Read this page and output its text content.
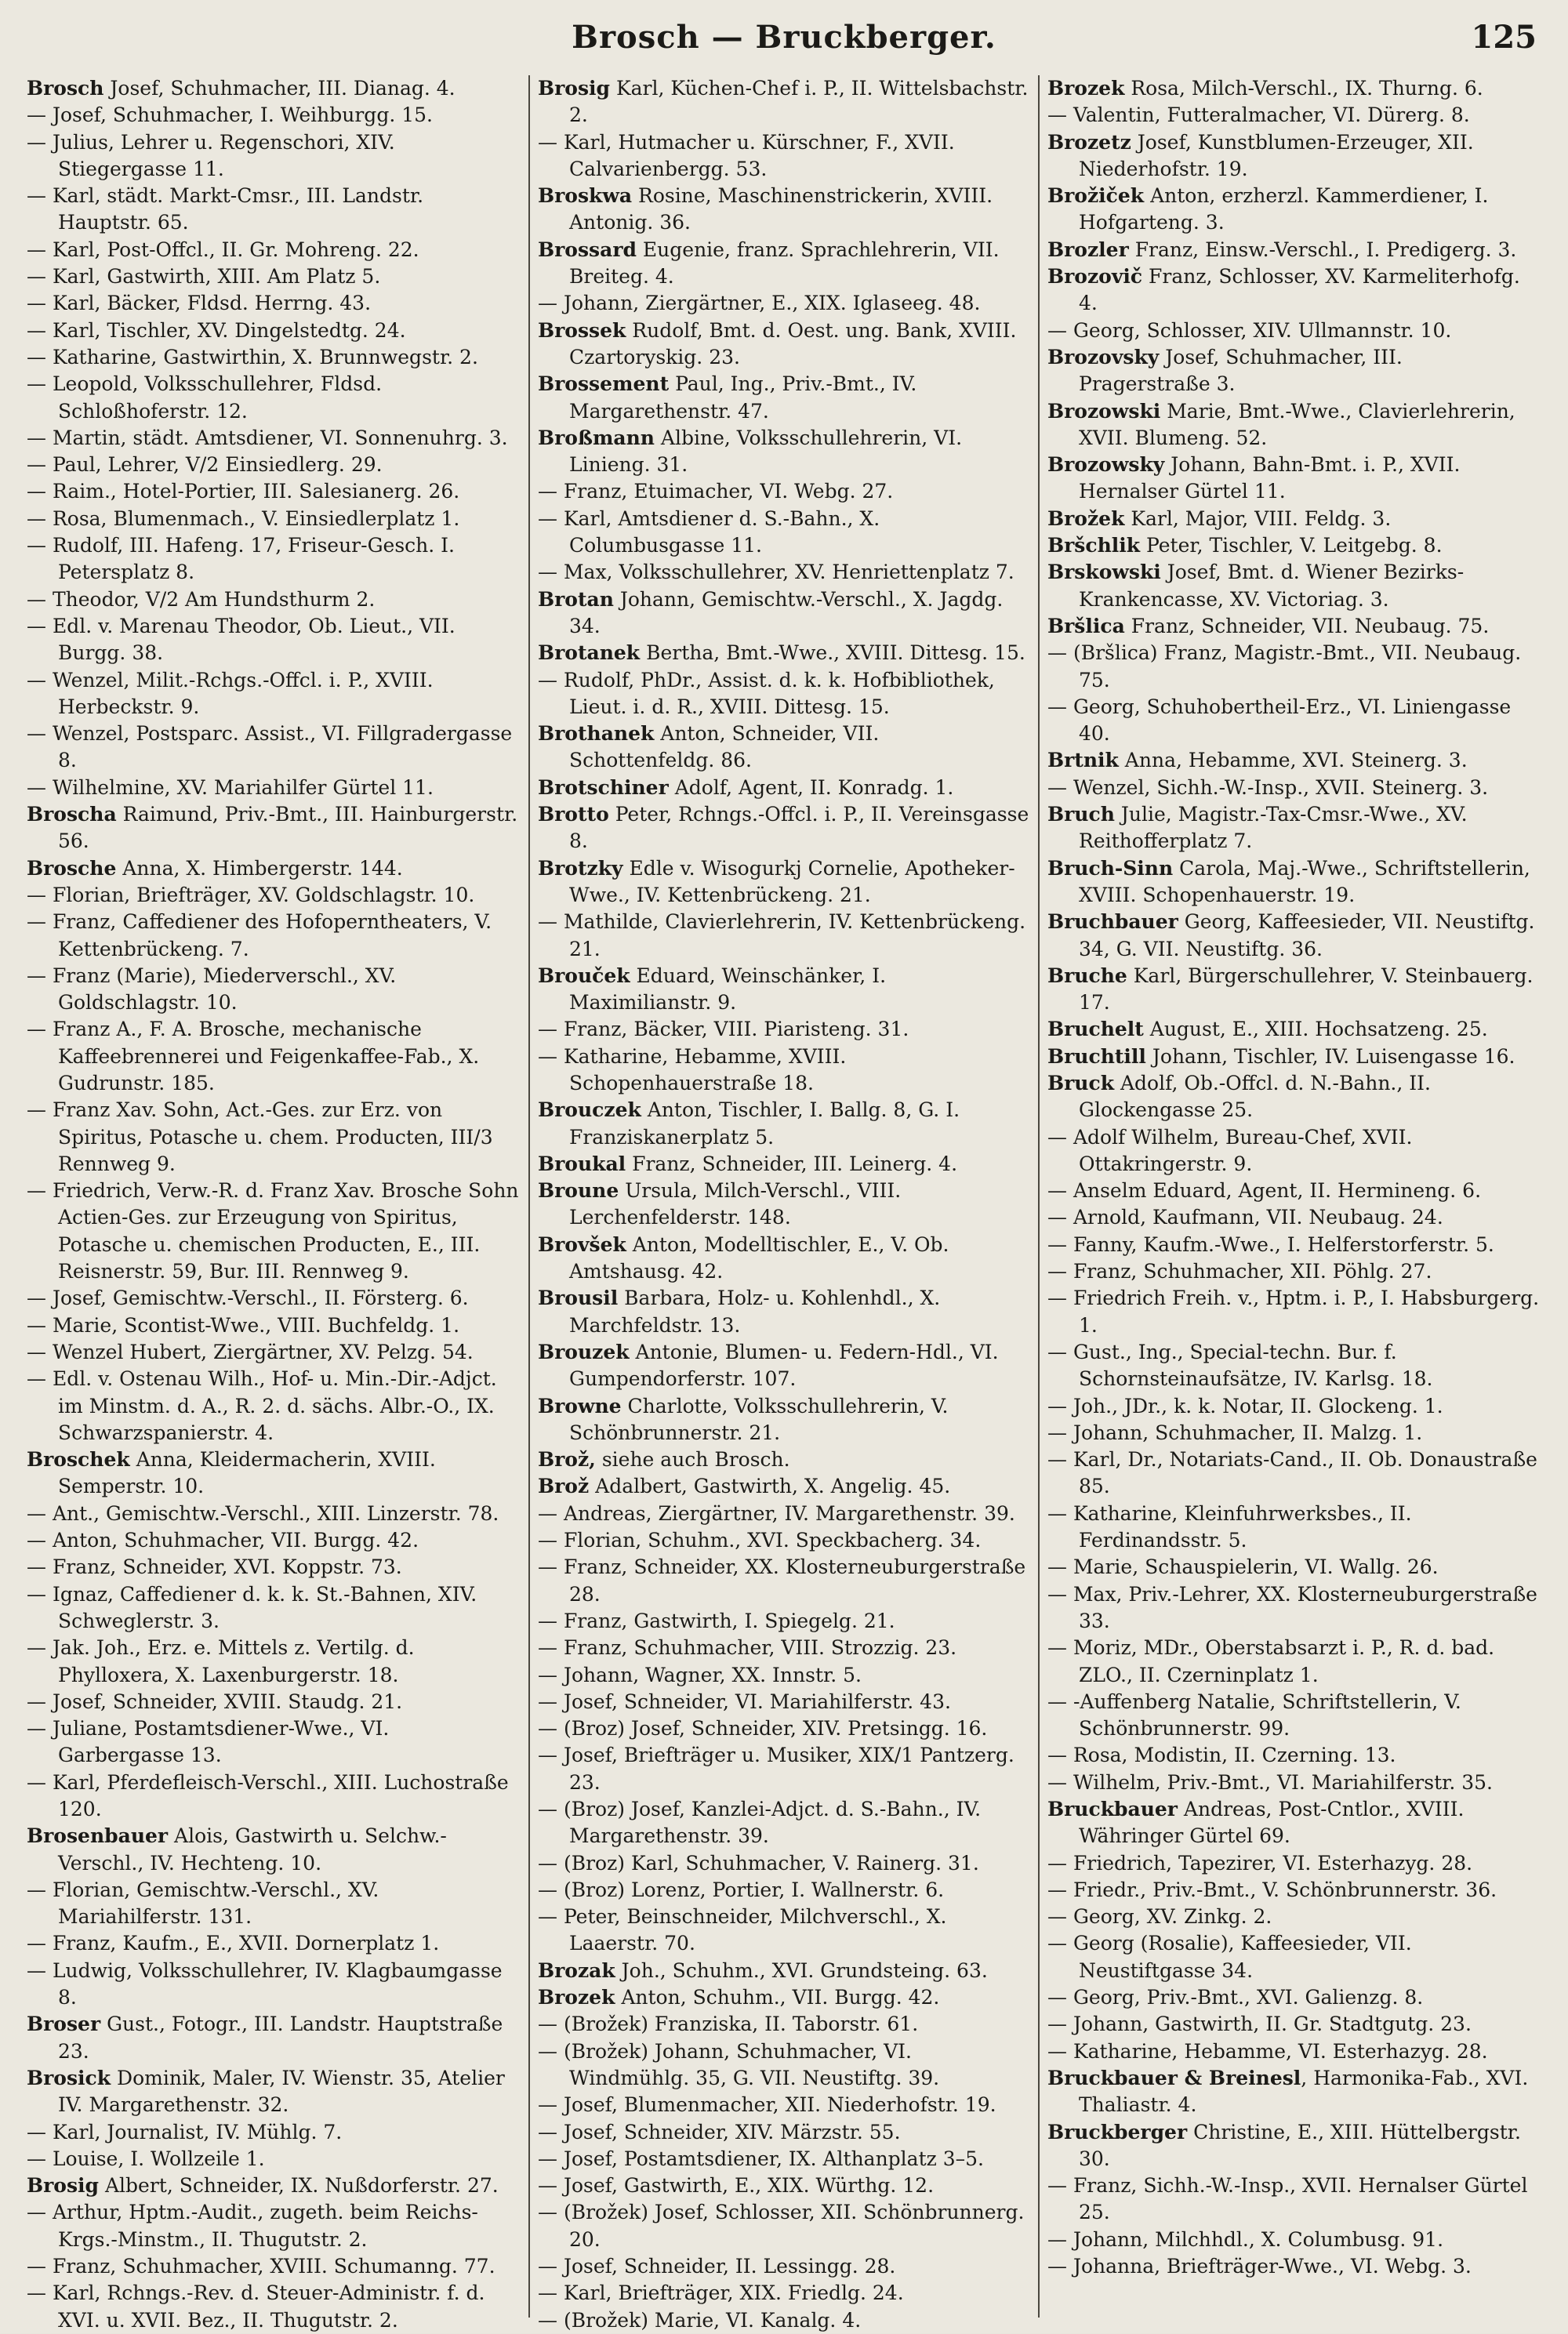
Brosch — Bruckberger.	125

Brosch Josef, Schuhmacher, III. Dianag. 4.

— Josef, Schuhmacher, I. Weihburgg. 15.

— Julius, Lehrer u. Regenschori, XIV. Stiegergasse 11.

— Karl, städt. Markt-Cmsr., III. Landstr. Hauptstr. 65.

— Karl, Post-Offcl., II. Gr. Mohreng. 22.

— Karl, Gastwirth, XIII. Am Platz 5.

— Karl, Bäcker, Fldsd. Herrng. 43.

— Karl, Tischler, XV. Dingelstedtg. 24.

— Katharine, Gastwirthin, X. Brunnwegstr. 2.

— Leopold, Volksschullehrer, Fldsd. Schloßhoferstr. 12.

— Martin, städt. Amtsdiener, VI. Sonnenuhrg. 3.

— Paul, Lehrer, V/2 Einsiedlerg. 29.

— Raim., Hotel-Portier, III. Salesianerg. 26.

— Rosa, Blumenmach., V. Einsiedlerplatz 1.

— Rudolf, III. Hafeng. 17, Friseur-Gesch. I. Petersplatz 8.

— Theodor, V/2 Am Hundsthurm 2.

— Edl. v. Marenau Theodor, Ob. Lieut., VII. Burgg. 38.

— Wenzel, Milit.-Rchgs.-Offcl. i. P., XVIII. Herbeckstr. 9.

— Wenzel, Postsparc. Assist., VI. Fillgradergasse 8.

— Wilhelmine, XV. Mariahilfer Gürtel 11.

Broscha Raimund, Priv.-Bmt., III. Hainburgerstr. 56.

Brosche Anna, X. Himbergerstr. 144.

— Florian, Briefträger, XV. Goldschlagstr. 10.

— Franz, Caffediener des Hofoperntheaters, V. Kettenbrückeng. 7.

— Franz (Marie), Miederverschl., XV. Goldschlagstr. 10.

— Franz A., F. A. Brosche, mechanische Kaffeebrennerei und Feigenkaffee-Fab., X. Gudrunstr. 185.

— Franz Xav. Sohn, Act.-Ges. zur Erz. von Spiritus, Potasche u. chem. Producten, III/3 Rennweg 9.

— Friedrich, Verw.-R. d. Franz Xav. Brosche Sohn Actien-Ges. zur Erzeugung von Spiritus, Potasche u. chemischen Producten, E., III. Reisnerstr. 59, Bur. III. Rennweg 9.

— Josef, Gemischtw.-Verschl., II. Försterg. 6.

— Marie, Scontist-Wwe., VIII. Buchfeldg. 1.

— Wenzel Hubert, Ziergärtner, XV. Pelzg. 54.

— Edl. v. Ostenau Wilh., Hof- u. Min.-Dir.-Adjct. im Minstm. d. A., R. 2. d. sächs. Albr.-O., IX. Schwarzspanierstr. 4.

Broschek Anna, Kleidermacherin, XVIII. Semperstr. 10.

— Ant., Gemischtw.-Verschl., XIII. Linzerstr. 78.

— Anton, Schuhmacher, VII. Burgg. 42.

— Franz, Schneider, XVI. Koppstr. 73.

— Ignaz, Caffediener d. k. k. St.-Bahnen, XIV. Schweglerstr. 3.

— Jak. Joh., Erz. e. Mittels z. Vertilg. d. Phylloxera, X. Laxenburgerstr. 18.

— Josef, Schneider, XVIII. Staudg. 21.

— Juliane, Postamtsdiener-Wwe., VI. Garbergasse 13.

— Karl, Pferdefleisch-Verschl., XIII. Luchostraße 120.

Brosenbauer Alois, Gastwirth u. Selchw.-Verschl., IV. Hechteng. 10.

— Florian, Gemischtw.-Verschl., XV. Mariahilferstr. 131.

— Franz, Kaufm., E., XVII. Dornerplatz 1.

— Ludwig, Volksschullehrer, IV. Klagbaumgasse 8.

Broser Gust., Fotogr., III. Landstr. Hauptstraße 23.

Brosick Dominik, Maler, IV. Wienstr. 35, Atelier IV. Margarethenstr. 32.

— Karl, Journalist, IV. Mühlg. 7.

— Louise, I. Wollzeile 1.

Brosig Albert, Schneider, IX. Nußdorferstr. 27.

— Arthur, Hptm.-Audit., zugeth. beim Reichs-Krgs.-Minstm., II. Thugutstr. 2.

— Franz, Schuhmacher, XVIII. Schumanng. 77.

— Karl, Rchngs.-Rev. d. Steuer-Administr. f. d. XVI. u. XVII. Bez., II. Thugutstr. 2.

Brosig Karl, Küchen-Chef i. P., II. Wittelsbachstr. 2.

— Karl, Hutmacher u. Kürschner, F., XVII. Calvarienbergg. 53.

Broskwa Rosine, Maschinenstrickerin, XVIII. Antonig. 36.

Brossard Eugenie, franz. Sprachlehrerin, VII. Breiteg. 4.

— Johann, Ziergärtner, E., XIX. Iglaseeg. 48.

Brossek Rudolf, Bmt. d. Oest. ung. Bank, XVIII. Czartoryskig. 23.

Brossement Paul, Ing., Priv.-Bmt., IV. Margarethenstr. 47.

Broßmann Albine, Volksschullehrerin, VI. Linieng. 31.

— Franz, Etuimacher, VI. Webg. 27.

— Karl, Amtsdiener d. S.-Bahn., X. Columbusgasse 11.

— Max, Volksschullehrer, XV. Henriettenplatz 7.

Brotan Johann, Gemischtw.-Verschl., X. Jagdg. 34.

Brotanek Bertha, Bmt.-Wwe., XVIII. Dittesg. 15.

— Rudolf, PhDr., Assist. d. k. k. Hofbibliothek, Lieut. i. d. R., XVIII. Dittesg. 15.

Brothanek Anton, Schneider, VII. Schottenfeldg. 86.

Brotschiner Adolf, Agent, II. Konradg. 1.

Brotto Peter, Rchngs.-Offcl. i. P., II. Vereinsgasse 8.

Brotzky Edle v. Wisogurkj Cornelie, Apotheker-Wwe., IV. Kettenbrückeng. 21.

— Mathilde, Clavierlehrerin, IV. Kettenbrückeng. 21.

Brouček Eduard, Weinschänker, I. Maximilianstr. 9.

— Franz, Bäcker, VIII. Piaristeng. 31.

— Katharine, Hebamme, XVIII. Schopenhauerstraße 18.

Brouczek Anton, Tischler, I. Ballg. 8, G. I. Franziskanerplatz 5.

Broukal Franz, Schneider, III. Leinerg. 4.

Broune Ursula, Milch-Verschl., VIII. Lerchenfelderstr. 148.

Brovšek Anton, Modelltischler, E., V. Ob. Amtshausg. 42.

Brousil Barbara, Holz- u. Kohlenhdl., X. Marchfeldstr. 13.

Brouzek Antonie, Blumen- u. Federn-Hdl., VI. Gumpendorferstr. 107.

Browne Charlotte, Volksschullehrerin, V. Schönbrunnerstr. 21.

Brož, siehe auch Brosch.

Brož Adalbert, Gastwirth, X. Angelig. 45.

— Andreas, Ziergärtner, IV. Margarethenstr. 39.

— Florian, Schuhm., XVI. Speckbacherg. 34.

— Franz, Schneider, XX. Klosterneuburgerstraße 28.

— Franz, Gastwirth, I. Spiegelg. 21.

— Franz, Schuhmacher, VIII. Strozzig. 23.

— Johann, Wagner, XX. Innstr. 5.

— Josef, Schneider, VI. Mariahilferstr. 43.

— (Broz) Josef, Schneider, XIV. Pretsingg. 16.

— Josef, Briefträger u. Musiker, XIX/1 Pantzerg. 23.

— (Broz) Josef, Kanzlei-Adjct. d. S.-Bahn., IV. Margarethenstr. 39.

— (Broz) Karl, Schuhmacher, V. Rainerg. 31.

— (Broz) Lorenz, Portier, I. Wallnerstr. 6.

— Peter, Beinschneider, Milchverschl., X. Laaerstr. 70.

Brozak Joh., Schuhm., XVI. Grundsteing. 63.

Brozek Anton, Schuhm., VII. Burgg. 42.

— (Brožek) Franziska, II. Taborstr. 61.

— (Brožek) Johann, Schuhmacher, VI. Windmühlg. 35, G. VII. Neustiftg. 39.

— Josef, Blumenmacher, XII. Niederhofstr. 19.

— Josef, Schneider, XIV. Märzstr. 55.

— Josef, Postamtsdiener, IX. Althanplatz 3–5.

— Josef, Gastwirth, E., XIX. Würthg. 12.

— (Brožek) Josef, Schlosser, XII. Schönbrunnerg. 20.

— Josef, Schneider, II. Lessingg. 28.

— Karl, Briefträger, XIX. Friedlg. 24.

— (Brožek) Marie, VI. Kanalg. 4.

Brozek Rosa, Milch-Verschl., IX. Thurng. 6.

— Valentin, Futteralmacher, VI. Dürerg. 8.

Brozetz Josef, Kunstblumen-Erzeuger, XII. Niederhofstr. 19.

Brožiček Anton, erzherzl. Kammerdiener, I. Hofgarteng. 3.

Brozler Franz, Einsw.-Verschl., I. Predigerg. 3.

Brozovič Franz, Schlosser, XV. Karmeliterhofg. 4.

— Georg, Schlosser, XIV. Ullmannstr. 10.

Brozovsky Josef, Schuhmacher, III. Pragerstraße 3.

Brozowski Marie, Bmt.-Wwe., Clavierlehrerin, XVII. Blumeng. 52.

Brozowsky Johann, Bahn-Bmt. i. P., XVII. Hernalser Gürtel 11.

Brožek Karl, Major, VIII. Feldg. 3.

Bršchlik Peter, Tischler, V. Leitgebg. 8.

Brskowski Josef, Bmt. d. Wiener Bezirks-Krankencasse, XV. Victoriag. 3.

Bršlica Franz, Schneider, VII. Neubaug. 75.

— (Bršlica) Franz, Magistr.-Bmt., VII. Neubaug. 75.

— Georg, Schuhobertheil-Erz., VI. Liniengasse 40.

Brtnik Anna, Hebamme, XVI. Steinerg. 3.

— Wenzel, Sichh.-W.-Insp., XVII. Steinerg. 3.

Bruch Julie, Magistr.-Tax-Cmsr.-Wwe., XV. Reithofferplatz 7.

Bruch-Sinn Carola, Maj.-Wwe., Schriftstellerin, XVIII. Schopenhauerstr. 19.

Bruchbauer Georg, Kaffeesieder, VII. Neustiftg. 34, G. VII. Neustiftg. 36.

Bruche Karl, Bürgerschullehrer, V. Steinbauerg. 17.

Bruchelt August, E., XIII. Hochsatzeng. 25.

Bruchtill Johann, Tischler, IV. Luisengasse 16.

Bruck Adolf, Ob.-Offcl. d. N.-Bahn., II. Glockengasse 25.

— Adolf Wilhelm, Bureau-Chef, XVII. Ottakringerstr. 9.

— Anselm Eduard, Agent, II. Hermineng. 6.

— Arnold, Kaufmann, VII. Neubaug. 24.

— Fanny, Kaufm.-Wwe., I. Helferstorferstr. 5.

— Franz, Schuhmacher, XII. Pöhlg. 27.

— Friedrich Freih. v., Hptm. i. P., I. Habsburgerg. 1.

— Gust., Ing., Special-techn. Bur. f. Schornsteinaufsätze, IV. Karlsg. 18.

— Joh., JDr., k. k. Notar, II. Glockeng. 1.

— Johann, Schuhmacher, II. Malzg. 1.

— Karl, Dr., Notariats-Cand., II. Ob. Donaustraße 85.

— Katharine, Kleinfuhrwerksbes., II. Ferdinandsstr. 5.

— Marie, Schauspielerin, VI. Wallg. 26.

— Max, Priv.-Lehrer, XX. Klosterneuburgerstraße 33.

— Moriz, MDr., Oberstabsarzt i. P., R. d. bad. ZLO., II. Czerninplatz 1.

— -Auffenberg Natalie, Schriftstellerin, V. Schönbrunnerstr. 99.

— Rosa, Modistin, II. Czerning. 13.

— Wilhelm, Priv.-Bmt., VI. Mariahilferstr. 35.

Bruckbauer Andreas, Post-Cntlor., XVIII. Währinger Gürtel 69.

— Friedrich, Tapezirer, VI. Esterhazyg. 28.

— Friedr., Priv.-Bmt., V. Schönbrunnerstr. 36.

— Georg, XV. Zinkg. 2.

— Georg (Rosalie), Kaffeesieder, VII. Neustiftgasse 34.

— Georg, Priv.-Bmt., XVI. Galienzg. 8.

— Johann, Gastwirth, II. Gr. Stadtgutg. 23.

— Katharine, Hebamme, VI. Esterhazyg. 28.

Bruckbauer & Breinesl, Harmonika-Fab., XVI. Thaliastr. 4.

Bruckberger Christine, E., XIII. Hüttelbergstr. 30.

— Franz, Sichh.-W.-Insp., XVII. Hernalser Gürtel 25.

— Johann, Milchhdl., X. Columbusg. 91.

— Johanna, Briefträger-Wwe., VI. Webg. 3.
